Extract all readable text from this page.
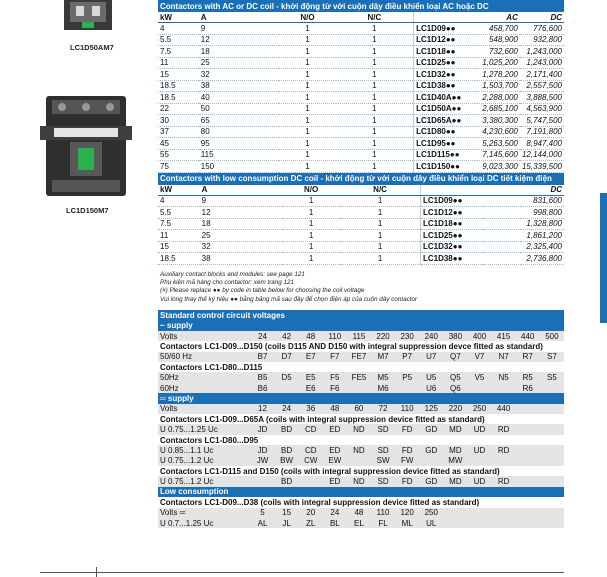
LC1D50AM7
LC1D150M7
Contactors with AC or DC coil - khởi động từ với cuộn dây điều khiển loại AC hoặc DC						
kW	A	N/O	N/C		AC	DC
4	9	1	1	LC1D09●●	458,700	776,600
5.5	12	1	1	LC1D12●●	548,900	932,800
7.5	18	1	1	LC1D18●●	732,600	1,243,000
11	25	1	1	LC1D25●●	1,025,200	1,243,000
15	32	1	1	LC1D32●●	1,278,200	2,171,400
18.5	38	1	1	LC1D38●●	1,503,700	2,557,500
18.5	40	1	1	LC1D40A●●	2,288,000	3,888,500
22	50	1	1	LC1D50A●●	2,685,100	4,563,900
30	65	1	1	LC1D65A●●	3,380,300	5,747,500
37	80	1	1	LC1D80●●	4,230,600	7,191,800
45	95	1	1	LC1D95●●	5,263,500	8,947,400
55	115	1	1	LC1D115●●	7,145,600	12,144,000
75	150	1	1	LC1D150●●	9,023,300	15,339,500
Contactors with low consumption DC coil - khởi động từ với cuộn dây điều khiển loại DC tiết kiệm điện						
kW	A	N/O	N/C			DC
4	9	1	1	LC1D09●●		831,600
5.5	12	1	1	LC1D12●●		998,800
7.5	18	1	1	LC1D18●●		1,328,800
11	25	1	1	LC1D25●●		1,861,200
15	32	1	1	LC1D32●●		2,325,400
18.5	38	1	1	LC1D38●●		2,736,800
Auxiliary contact blocks and modules: see page 121
Phụ kiện mã hàng cho contactor: xem trang 121
(#) Please replace ●● by code in table below for choosing the coil voltage
Vui lòng thay thế ký hiệu ●● bằng bảng mã sau đây để chọn điện áp của cuộn dây contactor
Standard control circuit voltages													
~ supply													
Volts	24	42	48	110	115	220	230	240	380	400	415	440	500
Contactors LC1-D09...D150 (coils D115 AND D150 with integral suppression devce fitted as standard)													
50/60 Hz	B7	D7	E7	F7	FE7	M7	P7	U7	Q7	V7	N7	R7	S7
Contactors LC1-D80...D115													
50Hz	B5	D5	E5	F5	FE5	M5	P5	U5	Q5	V5	N5	R5	S5
60Hz	B6		E6	F6		M6		U6	Q6			R6	
═ supply													
Volts	12	24	36	48	60	72	110	125	220	250	440		
Contactors LC1-D09...D65A (coils with integral suppression device fitted as standard)													
U 0.75...1.25 Uc	JD	BD	CD	ED	ND	SD	FD	GD	MD	UD	RD		
Contactors LC1-D80...D95													
U 0.85...1.1 Uc	JD	BD	CD	ED	ND	SD	FD	GD	MD	UD	RD		
U 0.75...1.2 Uc	JW	BW	CW	EW		SW	FW		MW				
Contactors LC1-D115 and D150 (coils with integral suppression device fitted as standard)													
U 0.75...1.2 Uc		BD		ED	ND	SD	FD	GD	MD	UD	RD		
Low consumption													
Contactors LC1-D09...D38 (coils with integral suppression device fitted as standard)													
Volts ═	5	15	20	24	48	110	120	250					
U 0.7...1.25 Uc	AL	JL	ZL	BL	EL	FL	ML	UL					
